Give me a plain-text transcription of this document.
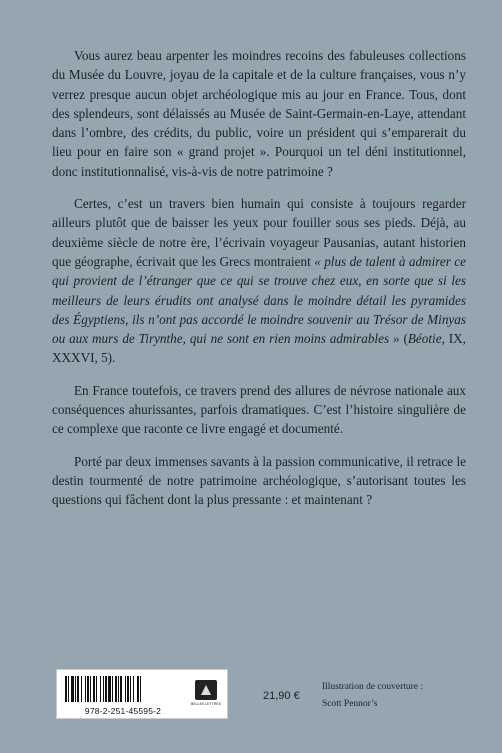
Vous aurez beau arpenter les moindres recoins des fabuleuses collections du Musée du Louvre, joyau de la capitale et de la culture françaises, vous n’y verrez presque aucun objet archéologique mis au jour en France. Tous, dont des splendeurs, sont délaissés au Musée de Saint-Germain-en-Laye, attendant dans l’ombre, des crédits, du public, voire un président qui s’emparerait du lieu pour en faire son « grand projet ». Pourquoi un tel déni institutionnel, donc institutionnalisé, vis-à-vis de notre patrimoine ?

Certes, c’est un travers bien humain qui consiste à toujours regarder ailleurs plutôt que de baisser les yeux pour fouiller sous ses pieds. Déjà, au deuxième siècle de notre ère, l’écrivain voyageur Pausanias, autant historien que géographe, écrivait que les Grecs montraient « plus de talent à admirer ce qui provient de l’étranger que ce qui se trouve chez eux, en sorte que si les meilleurs de leurs érudits ont analysé dans le moindre détail les pyramides des Égyptiens, ils n’ont pas accordé le moindre souvenir au Trésor de Minyas ou aux murs de Tirynthe, qui ne sont en rien moins admirables » (Béotie, IX, XXXVI, 5).

En France toutefois, ce travers prend des allures de névrose nationale aux conséquences ahurissantes, parfois dramatiques. C’est l’histoire singulière de ce complexe que raconte ce livre engagé et documenté.

Porté par deux immenses savants à la passion communicative, il retrace le destin tourmenté de notre patrimoine archéologique, s’autorisant toutes les questions qui fâchent dont la plus pressante : et maintenant ?

978-2-251-45595-2
BELLES LETTRES
21,90 €
Illustration de couverture :
Scott Pennor’s
